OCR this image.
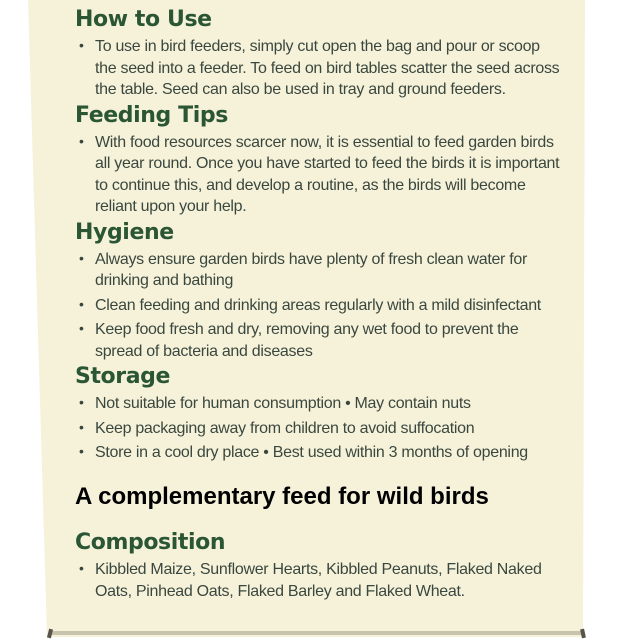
How to Use
• To use in bird feeders, simply cut open the bag and pour or scoop the seed into a feeder. To feed on bird tables scatter the seed across the table. Seed can also be used in tray and ground feeders.
Feeding Tips
• With food resources scarcer now, it is essential to feed garden birds all year round. Once you have started to feed the birds it is important to continue this, and develop a routine, as the birds will become reliant upon your help.
Hygiene
• Always ensure garden birds have plenty of fresh clean water for drinking and bathing
• Clean feeding and drinking areas regularly with a mild disinfectant
• Keep food fresh and dry, removing any wet food to prevent the spread of bacteria and diseases
Storage
• Not suitable for human consumption • May contain nuts
• Keep packaging away from children to avoid suffocation
• Store in a cool dry place • Best used within 3 months of opening
A complementary feed for wild birds
Composition
• Kibbled Maize, Sunflower Hearts, Kibbled Peanuts, Flaked Naked Oats, Pinhead Oats, Flaked Barley and Flaked Wheat.
